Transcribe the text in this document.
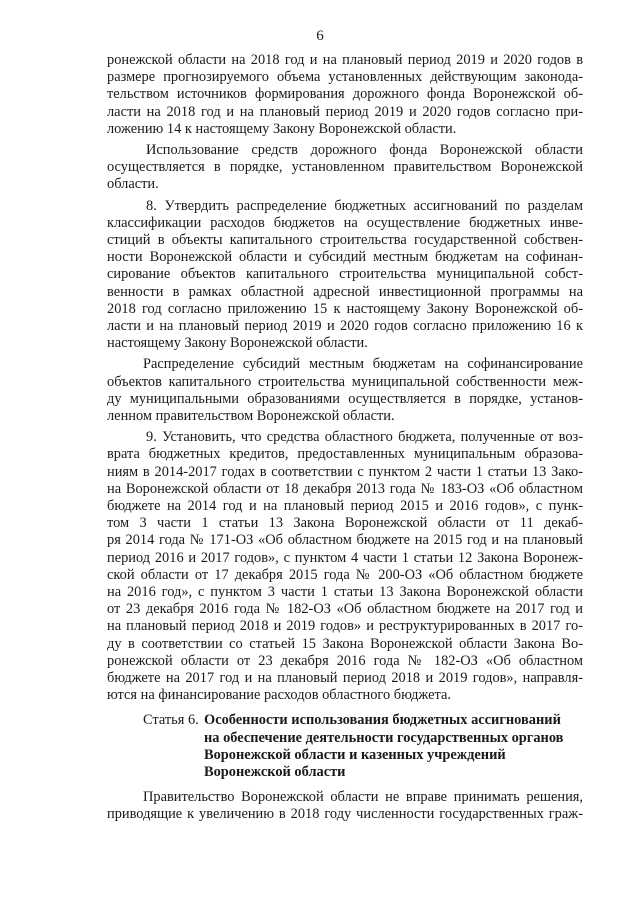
6
ронежской области на 2018 год и на плановый период 2019 и 2020 годов в
размере прогнозируемого объема установленных действующим законода-
тельством источников формирования дорожного фонда Воронежской об-
ласти на 2018 год и на плановый период 2019 и 2020 годов согласно при-
ложению 14 к настоящему Закону Воронежской области.
Использование средств дорожного фонда Воронежской области
осуществляется в порядке, установленном правительством Воронежской
области.
8. Утвердить распределение бюджетных ассигнований по разделам
классификации расходов бюджетов на осуществление бюджетных инве-
стиций в объекты капитального строительства государственной собствен-
ности Воронежской области и субсидий местным бюджетам на софинан-
сирование объектов капитального строительства муниципальной собст-
венности в рамках областной адресной инвестиционной программы на
2018 год согласно приложению 15 к настоящему Закону Воронежской об-
ласти и на плановый период 2019 и 2020 годов согласно приложению 16 к
настоящему Закону Воронежской области.
Распределение субсидий местным бюджетам на софинансирование
объектов капитального строительства муниципальной собственности меж-
ду муниципальными образованиями осуществляется в порядке, установ-
ленном правительством Воронежской области.
9. Установить, что средства областного бюджета, полученные от воз-
врата бюджетных кредитов, предоставленных муниципальным образова-
ниям в 2014-2017 годах в соответствии с пунктом 2 части 1 статьи 13 Зако-
на Воронежской области от 18 декабря 2013 года № 183-ОЗ «Об областном
бюджете на 2014 год и на плановый период 2015 и 2016 годов», с пунк-
том 3 части 1 статьи 13 Закона Воронежской области от 11 декаб-
ря 2014 года № 171-ОЗ «Об областном бюджете на 2015 год и на плановый
период 2016 и 2017 годов», с пунктом 4 части 1 статьи 12 Закона Воронеж-
ской области от 17 декабря 2015 года № 200-ОЗ «Об областном бюджете
на 2016 год», с пунктом 3 части 1 статьи 13 Закона Воронежской области
от 23 декабря 2016 года № 182-ОЗ «Об областном бюджете на 2017 год и
на плановый период 2018 и 2019 годов» и реструктурированных в 2017 го-
ду в соответствии со статьей 15 Закона Воронежской области Закона Во-
ронежской области от 23 декабря 2016 года № 182-ОЗ «Об областном
бюджете на 2017 год и на плановый период 2018 и 2019 годов», направля-
ются на финансирование расходов областного бюджета.
Статья 6. Особенности использования бюджетных ассигнований
на обеспечение деятельности государственных органов
Воронежской области и казенных учреждений
Воронежской области
Правительство Воронежской области не вправе принимать решения,
приводящие к увеличению в 2018 году численности государственных граж-
